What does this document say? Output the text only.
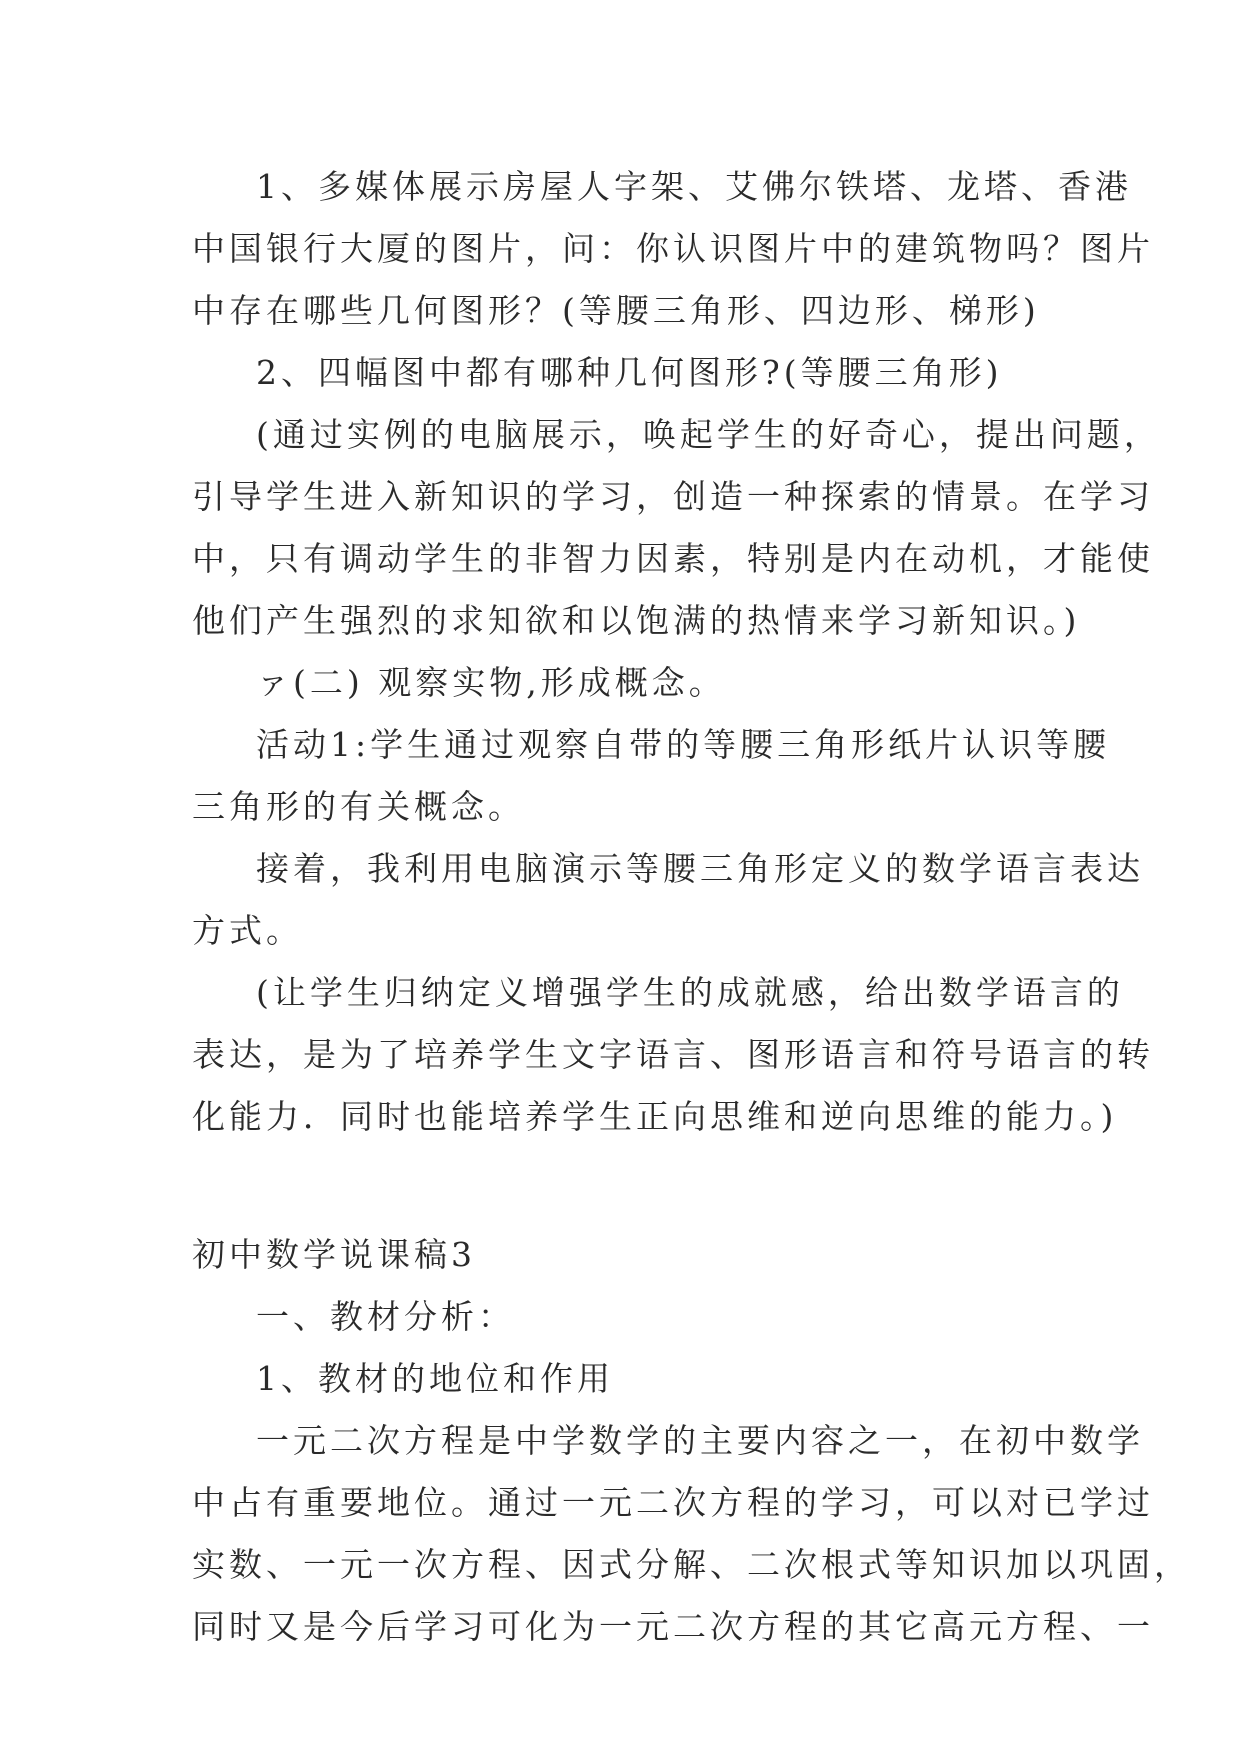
1、多媒体展示房屋人字架、艾佛尔铁塔、龙塔、香港
中国银行大厦的图片，问：你认识图片中的建筑物吗？图片
中存在哪些几何图形？(等腰三角形、四边形、梯形)
2、四幅图中都有哪种几何图形?(等腰三角形)
(通过实例的电脑展示，唤起学生的好奇心，提出问题，
引导学生进入新知识的学习，创造一种探索的情景。在学习
中，只有调动学生的非智力因素，特别是内在动机，才能使
他们产生强烈的求知欲和以饱满的热情来学习新知识。)
ァ(二) 观察实物,形成概念。
活动1:学生通过观察自带的等腰三角形纸片认识等腰
三角形的有关概念。
接着，我利用电脑演示等腰三角形定义的数学语言表达
方式。
(让学生归纳定义增强学生的成就感，给出数学语言的
表达，是为了培养学生文字语言、图形语言和符号语言的转
化能力．同时也能培养学生正向思维和逆向思维的能力。)
初中数学说课稿3
一、教材分析：
1、教材的地位和作用
一元二次方程是中学数学的主要内容之一，在初中数学
中占有重要地位。通过一元二次方程的学习，可以对已学过
实数、一元一次方程、因式分解、二次根式等知识加以巩固，
同时又是今后学习可化为一元二次方程的其它高元方程、一
